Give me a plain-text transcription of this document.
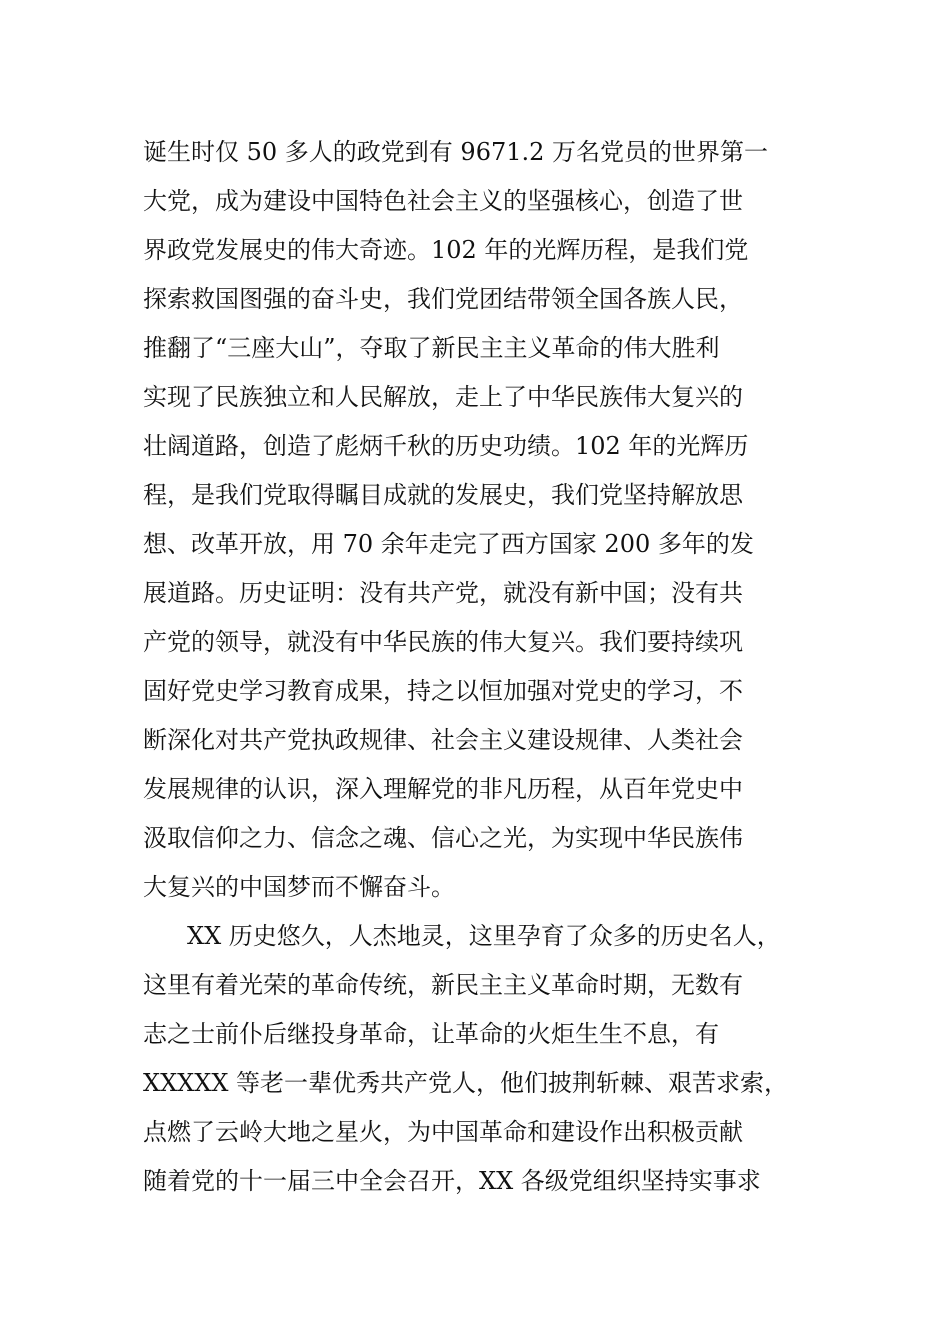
诞生时仅 50 多人的政党到有 9671.2 万名党员的世界第一
大党，成为建设中国特色社会主义的坚强核心，创造了世
界政党发展史的伟大奇迹。102 年的光辉历程，是我们党
探索救国图强的奋斗史，我们党团结带领全国各族人民，
推翻了“三座大山”，夺取了新民主主义革命的伟大胜利
实现了民族独立和人民解放，走上了中华民族伟大复兴的
壮阔道路，创造了彪炳千秋的历史功绩。102 年的光辉历
程，是我们党取得瞩目成就的发展史，我们党坚持解放思
想、改革开放，用 70 余年走完了西方国家 200 多年的发
展道路。历史证明：没有共产党，就没有新中国；没有共
产党的领导，就没有中华民族的伟大复兴。我们要持续巩
固好党史学习教育成果，持之以恒加强对党史的学习，不
断深化对共产党执政规律、社会主义建设规律、人类社会
发展规律的认识，深入理解党的非凡历程，从百年党史中
汲取信仰之力、信念之魂、信心之光，为实现中华民族伟
大复兴的中国梦而不懈奋斗。
XX 历史悠久，人杰地灵，这里孕育了众多的历史名人，
这里有着光荣的革命传统，新民主主义革命时期，无数有
志之士前仆后继投身革命，让革命的火炬生生不息，有
XXXXX 等老一辈优秀共产党人，他们披荆斩棘、艰苦求索，
点燃了云岭大地之星火，为中国革命和建设作出积极贡献
随着党的十一届三中全会召开，XX 各级党组织坚持实事求
